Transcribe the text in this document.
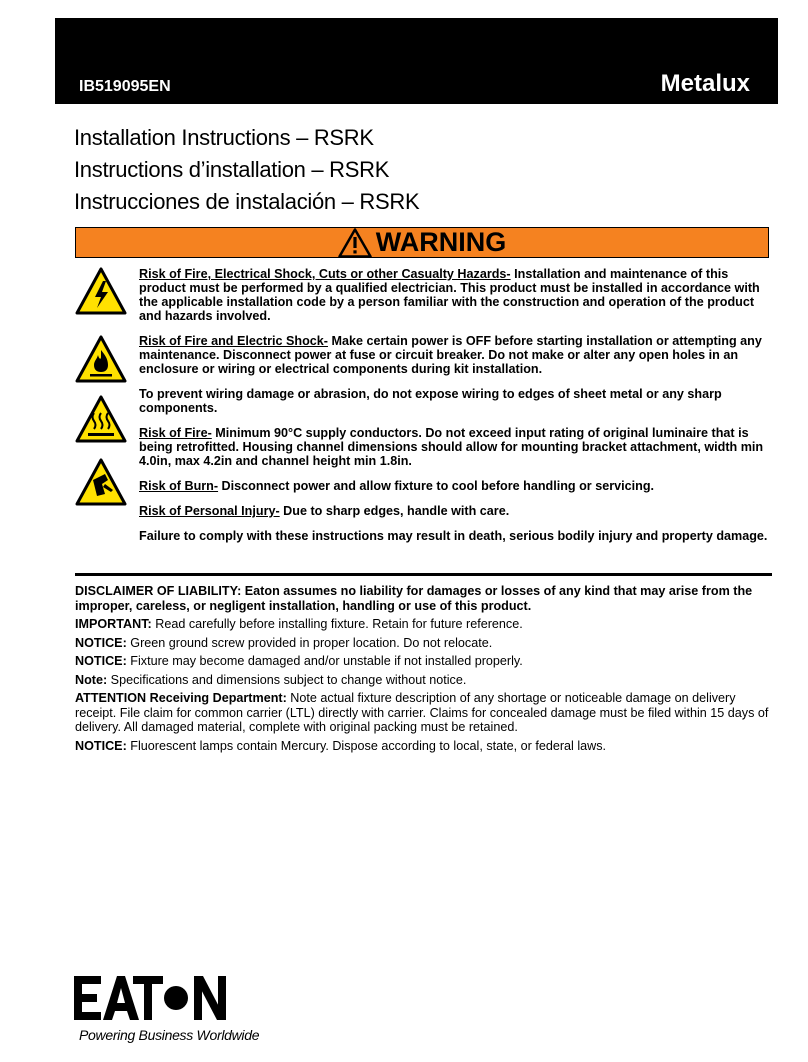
IB519095EN	Metalux
Installation Instructions – RSRK
Instructions d’installation – RSRK
Instrucciones de instalación – RSRK
WARNING

Risk of Fire, Electrical Shock, Cuts or other Casualty Hazards- Installation and maintenance of this product must be performed by a qualified electrician. This product must be installed in accordance with the applicable installation code by a person familiar with the construction and operation of the product and hazards involved.

Risk of Fire and Electric Shock- Make certain power is OFF before starting installation or attempting any maintenance. Disconnect power at fuse or circuit breaker. Do not make or alter any open holes in an enclosure or wiring or electrical components during kit installation.

To prevent wiring damage or abrasion, do not expose wiring to edges of sheet metal or any sharp components.

Risk of Fire- Minimum 90°C supply conductors. Do not exceed input rating of original luminaire that is being retrofitted. Housing channel dimensions should allow for mounting bracket attachment, width min 4.0in, max 4.2in and channel height min 1.8in.

Risk of Burn- Disconnect power and allow fixture to cool before handling or servicing.

Risk of Personal Injury- Due to sharp edges, handle with care.

Failure to comply with these instructions may result in death, serious bodily injury and property damage.

DISCLAIMER OF LIABILITY: Eaton assumes no liability for damages or losses of any kind that may arise from the improper, careless, or negligent installation, handling or use of this product.

IMPORTANT: Read carefully before installing fixture. Retain for future reference.

NOTICE: Green ground screw provided in proper location. Do not relocate.

NOTICE: Fixture may become damaged and/or unstable if not installed properly.

Note: Specifications and dimensions subject to change without notice.

ATTENTION Receiving Department: Note actual fixture description of any shortage or noticeable damage on delivery receipt. File claim for common carrier (LTL) directly with carrier. Claims for concealed damage must be filed within 15 days of delivery. All damaged material, complete with original packing must be retained.

NOTICE: Fluorescent lamps contain Mercury. Dispose according to local, state, or federal laws.

Powering Business Worldwide
